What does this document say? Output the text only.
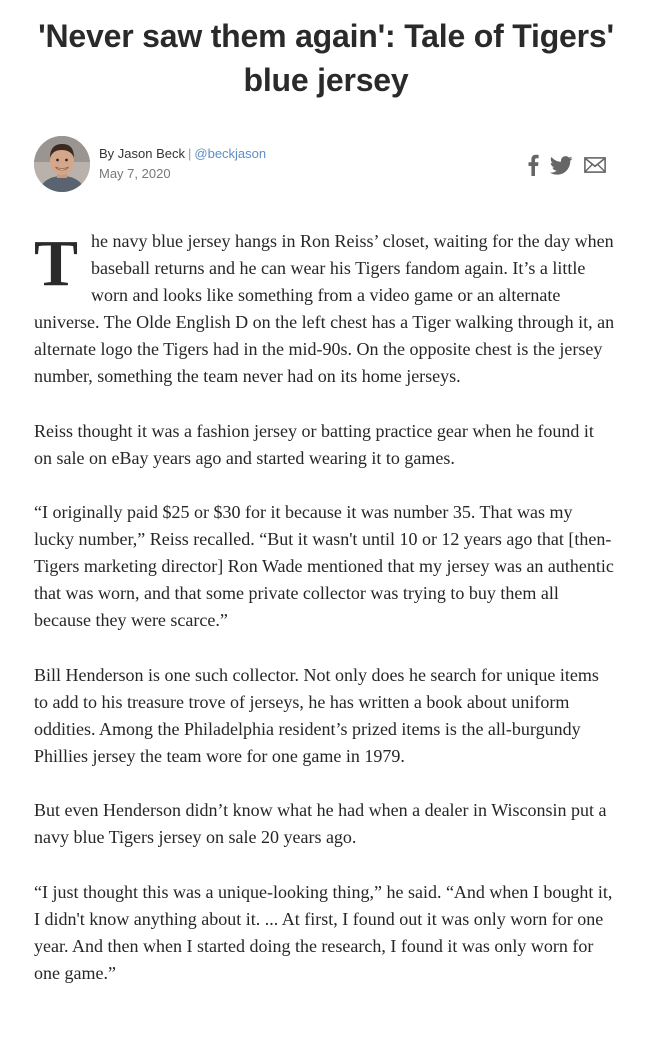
'Never saw them again': Tale of Tigers' blue jersey
By Jason Beck | @beckjason
May 7, 2020

The navy blue jersey hangs in Ron Reiss’ closet, waiting for the day when baseball returns and he can wear his Tigers fandom again. It’s a little worn and looks like something from a video game or an alternate universe. The Olde English D on the left chest has a Tiger walking through it, an alternate logo the Tigers had in the mid-90s. On the opposite chest is the jersey number, something the team never had on its home jerseys.

Reiss thought it was a fashion jersey or batting practice gear when he found it on sale on eBay years ago and started wearing it to games.

“I originally paid $25 or $30 for it because it was number 35. That was my lucky number,” Reiss recalled. “But it wasn't until 10 or 12 years ago that [then-Tigers marketing director] Ron Wade mentioned that my jersey was an authentic that was worn, and that some private collector was trying to buy them all because they were scarce.”

Bill Henderson is one such collector. Not only does he search for unique items to add to his treasure trove of jerseys, he has written a book about uniform oddities. Among the Philadelphia resident’s prized items is the all-burgundy Phillies jersey the team wore for one game in 1979.

But even Henderson didn’t know what he had when a dealer in Wisconsin put a navy blue Tigers jersey on sale 20 years ago.

“I just thought this was a unique-looking thing,” he said. “And when I bought it, I didn't know anything about it. ... At first, I found out it was only worn for one year. And then when I started doing the research, I found it was only worn for one game.”
